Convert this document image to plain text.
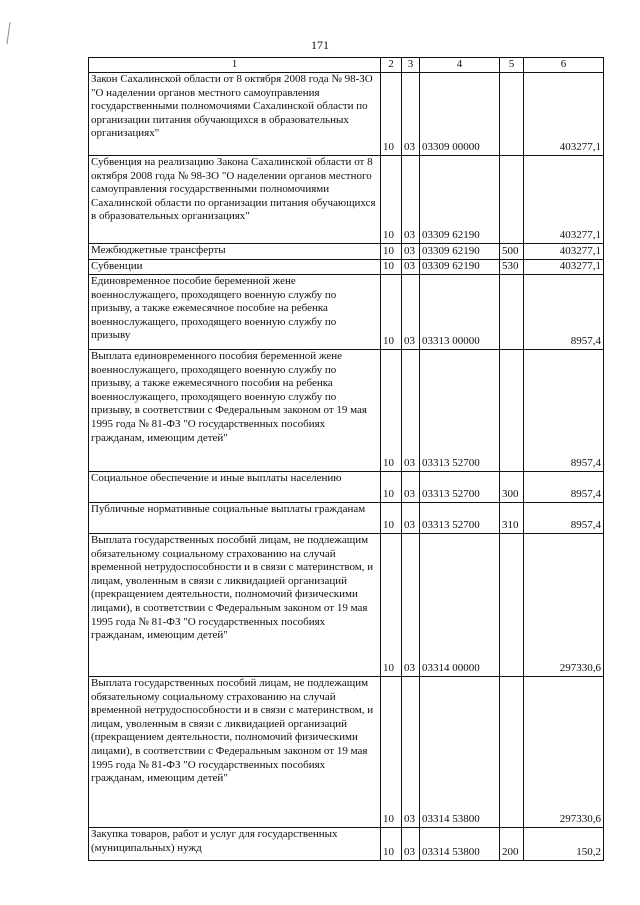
171
1	2	3	4	5	6
Закон Сахалинской области от 8 октября 2008 года № 98-ЗО "О наделении органов местного самоуправления государственными полномочиями Сахалинской области по организации питания обучающихся в образовательных организациях"	10	03	03309 00000		403277,1
Субвенция на реализацию Закона Сахалинской области от 8 октября 2008 года № 98-ЗО "О наделении органов местного самоуправления государственными полномочиями Сахалинской области по организации питания обучающихся в образовательных организациях"	10	03	03309 62190		403277,1
Межбюджетные трансферты	10	03	03309 62190	500	403277,1
Субвенции	10	03	03309 62190	530	403277,1
Единовременное пособие беременной жене военнослужащего, проходящего военную службу по призыву, а также ежемесячное пособие на ребенка военнослужащего, проходящего военную службу по призыву	10	03	03313 00000		8957,4
Выплата единовременного пособия беременной жене военнослужащего, проходящего военную службу по призыву, а также ежемесячного пособия на ребенка военнослужащего, проходящего военную службу по призыву, в соответствии с Федеральным законом от 19 мая 1995 года № 81-ФЗ "О государственных пособиях гражданам, имеющим детей"	10	03	03313 52700		8957,4
Социальное обеспечение и иные выплаты населению	10	03	03313 52700	300	8957,4
Публичные нормативные социальные выплаты гражданам	10	03	03313 52700	310	8957,4
Выплата государственных пособий лицам, не подлежащим обязательному социальному страхованию на случай временной нетрудоспособности и в связи с материнством, и лицам, уволенным в связи с ликвидацией организаций (прекращением деятельности, полномочий физическими лицами), в соответствии с Федеральным законом от 19 мая 1995 года № 81-ФЗ "О государственных пособиях гражданам, имеющим детей"	10	03	03314 00000		297330,6
Выплата государственных пособий лицам, не подлежащим обязательному социальному страхованию на случай временной нетрудоспособности и в связи с материнством, и лицам, уволенным в связи с ликвидацией организаций (прекращением деятельности, полномочий физическими лицами), в соответствии с Федеральным законом от 19 мая 1995 года № 81-ФЗ "О государственных пособиях гражданам, имеющим детей"	10	03	03314 53800		297330,6
Закупка товаров, работ и услуг для государственных (муниципальных) нужд	10	03	03314 53800	200	150,2
